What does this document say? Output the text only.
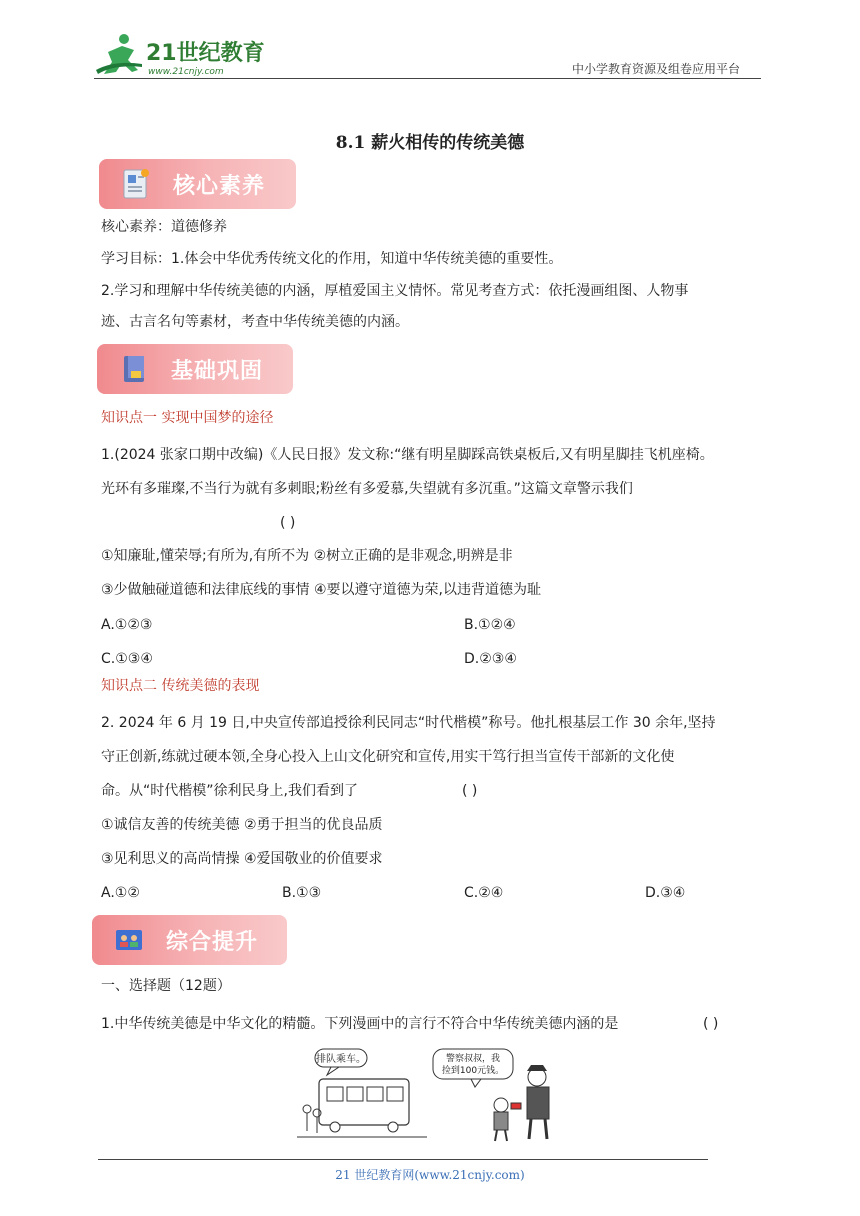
21世纪教育
www.21cnjy.com	中小学教育资源及组卷应用平台
8.1 薪火相传的传统美德
核心素养
核心素养：道德修养
学习目标：1.体会中华优秀传统文化的作用，知道中华传统美德的重要性。
2.学习和理解中华传统美德的内涵，厚植爱国主义情怀。常见考查方式：依托漫画组图、人物事
迹、古言名句等素材，考查中华传统美德的内涵。
基础巩固
知识点一 实现中国梦的途径
1.(2024 张家口期中改编)《人民日报》发文称:“继有明星脚踩高铁桌板后,又有明星脚挂飞机座椅。
光环有多璀璨,不当行为就有多刺眼;粉丝有多爱慕,失望就有多沉重。”这篇文章警示我们
( )
①知廉耻,懂荣辱;有所为,有所不为 ②树立正确的是非观念,明辨是非
③少做触碰道德和法律底线的事情 ④要以遵守道德为荣,以违背道德为耻
A.①②③	B.①②④
C.①③④	D.②③④
知识点二 传统美德的表现
2. 2024 年 6 月 19 日,中央宣传部追授徐利民同志“时代楷模”称号。他扎根基层工作 30 余年,坚持
守正创新,练就过硬本领,全身心投入上山文化研究和宣传,用实干笃行担当宣传干部新的文化使
命。从“时代楷模”徐利民身上,我们看到了	( )
①诚信友善的传统美德 ②勇于担当的优良品质
③见利思义的高尚情操 ④爱国敬业的价值要求
A.①②	B.①③	C.②④	D.③④
综合提升
一、选择题（12题）
1.中华传统美德是中华文化的精髓。下列漫画中的言行不符合中华传统美德内涵的是	( )
排队乘车。	警察叔叔，我
捡到100元钱。
21 世纪教育网(www.21cnjy.com)
